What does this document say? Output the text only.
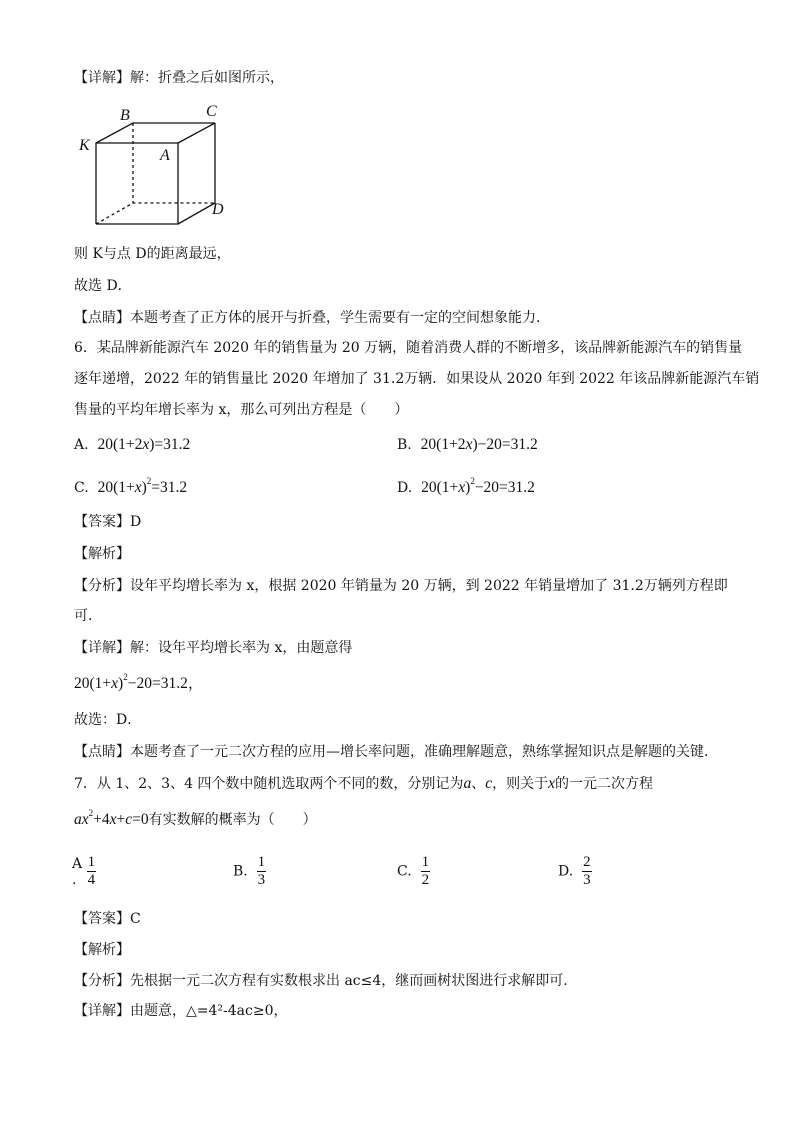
【详解】解：折叠之后如图所示，
B	C
K
A
D
则 K与点 D的距离最远，
故选 D．
【点睛】本题考查了正方体的展开与折叠，学生需要有一定的空间想象能力．
6．某品牌新能源汽车 2020 年的销售量为 20 万辆，随着消费人群的不断增多，该品牌新能源汽车的销售量
逐年递增，2022 年的销售量比 2020 年增加了 31.2万辆．如果设从 2020 年到 2022 年该品牌新能源汽车销
售量的平均年增长率为 x，那么可列出方程是（　　）
A. 20(1+2x)=31.2	B. 20(1+2x)−20=31.2
C. $20(1+x)^2=31.2$	D. $20(1+x)^2-20=31.2$
【答案】D
【解析】
【分析】设年平均增长率为 x，根据 2020 年销量为 20 万辆，到 2022 年销量增加了 31.2万辆列方程即
可．
【详解】解：设年平均增长率为 x，由题意得
$20(1+x)^2-20=31.2$，
故选：D．
【点睛】本题考查了一元二次方程的应用—增长率问题，准确理解题意，熟练掌握知识点是解题的关键．
7．从 1、2、3、4 四个数中随机选取两个不同的数，分别记为a、c，则关于x的一元二次方程
$ax^2+4x+c=0$有实数解的概率为（　　）
A
. $\frac{1}{4}$	B. $\frac{1}{3}$	C. $\frac{1}{2}$	D. $\frac{2}{3}$
【答案】C
【解析】
【分析】先根据一元二次方程有实数根求出 ac≤4，继而画树状图进行求解即可.
【详解】由题意，△=4²-4ac≥0，
